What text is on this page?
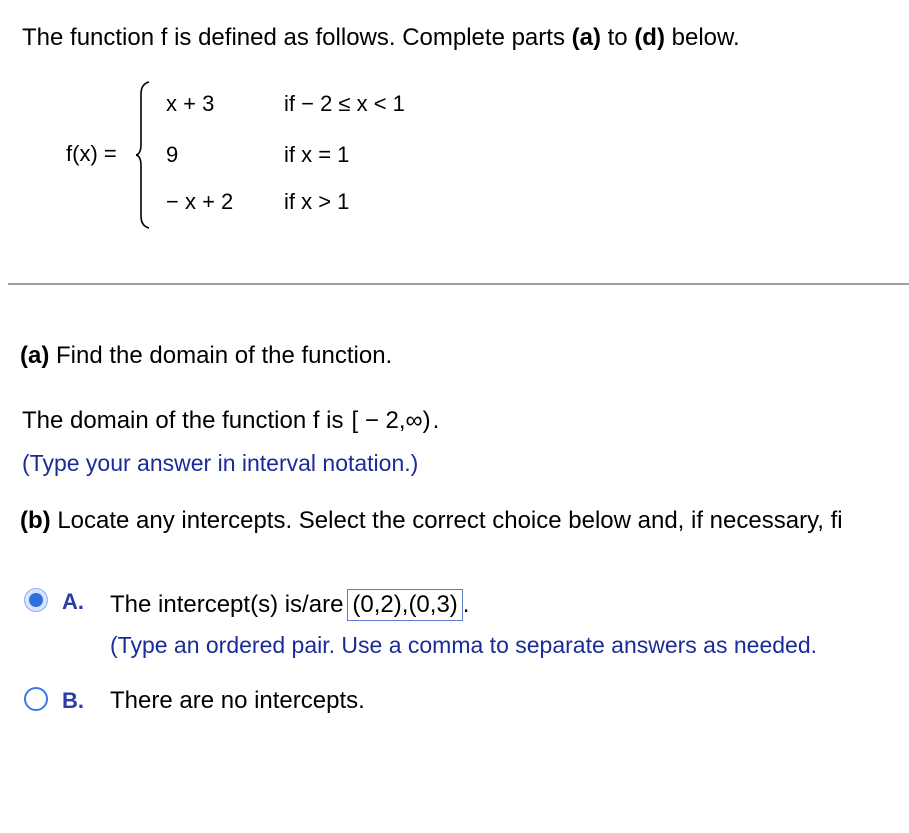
The function f is defined as follows. Complete parts (a) to (d) below.
f(x) =
x + 3	if − 2 ≤ x < 1
9	if x = 1
− x + 2 if x > 1
(a) Find the domain of the function.
The domain of the function f is [ − 2,∞).
(Type your answer in interval notation.)
(b) Locate any intercepts. Select the correct choice below and, if necessary, fi
A. The intercept(s) is/are (0,2),(0,3) .
(Type an ordered pair. Use a comma to separate answers as needed.
B. There are no intercepts.
